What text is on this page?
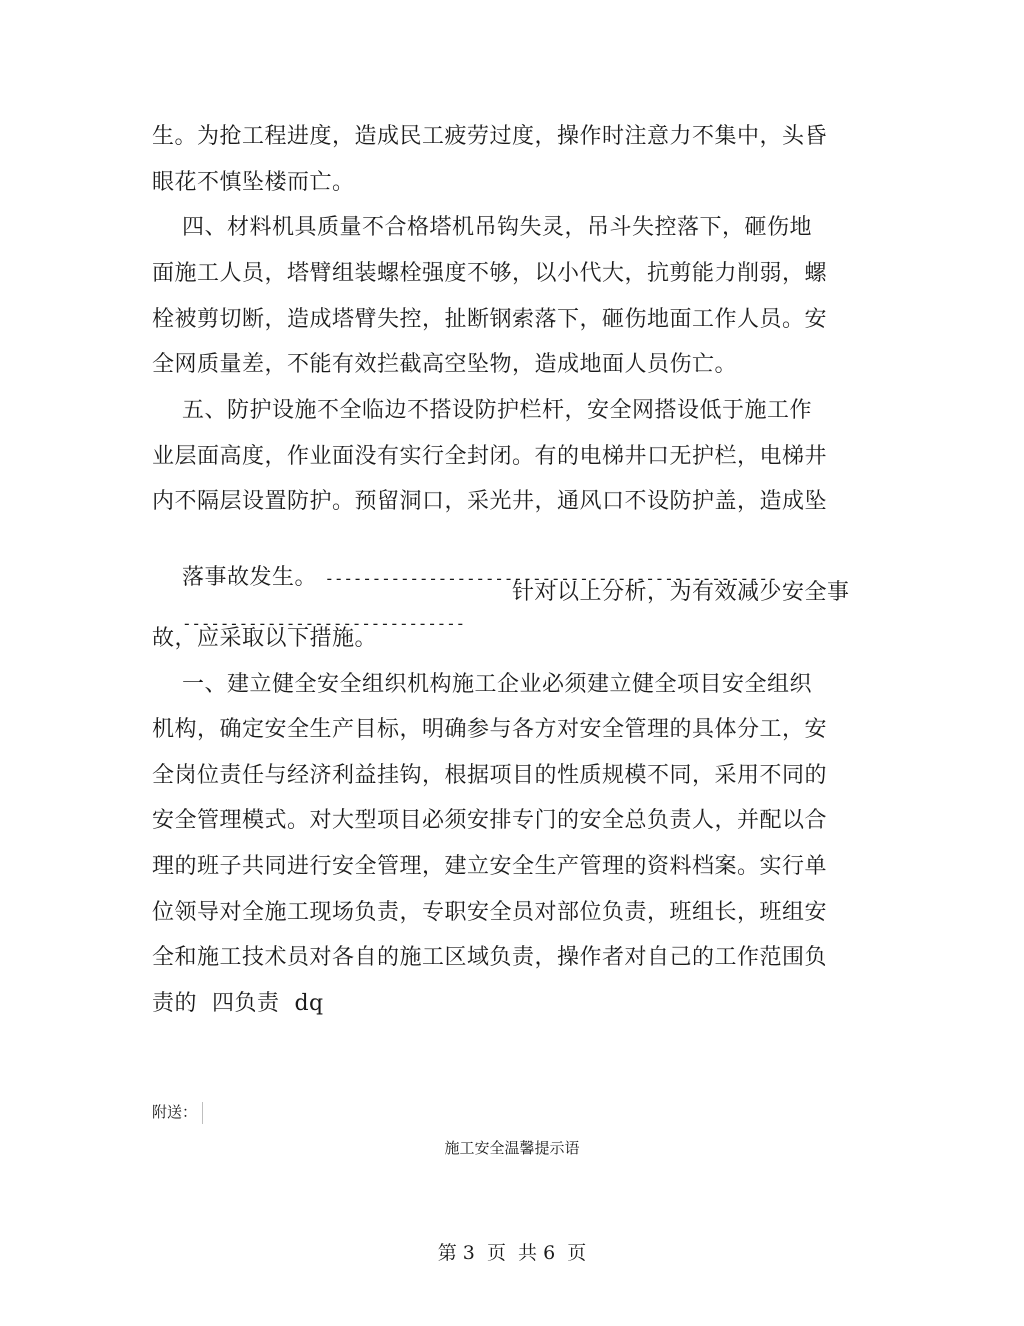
生。为抢工程进度，造成民工疲劳过度，操作时注意力不集中，头昏
眼花不慎坠楼而亡。
四、材料机具质量不合格塔机吊钩失灵，吊斗失控落下，砸伤地
面施工人员，塔臂组装螺栓强度不够，以小代大，抗剪能力削弱，螺
栓被剪切断，造成塔臂失控，扯断钢索落下，砸伤地面工作人员。安
全网质量差，不能有效拦截高空坠物，造成地面人员伤亡。
五、防护设施不全临边不搭设防护栏杆，安全网搭设低于施工作
业层面高度，作业面没有实行全封闭。有的电梯井口无护栏，电梯井
内不隔层设置防护。预留洞口，采光井，通风口不设防护盖，造成坠

落事故发生。 ------------------------------------------------

------------------------------

针对以上分析，为有效减少安全事
故，应采取以下措施。
一、建立健全安全组织机构施工企业必须建立健全项目安全组织
机构，确定安全生产目标，明确参与各方对安全管理的具体分工，安
全岗位责任与经济利益挂钩，根据项目的性质规模不同，采用不同的
安全管理模式。对大型项目必须安排专门的安全总负责人，并配以合
理的班子共同进行安全管理，建立安全生产管理的资料档案。实行单
位领导对全施工现场负责，专职安全员对部位负责，班组长，班组安
全和施工技术员对各自的施工区域负责，操作者对自己的工作范围负
责的  四负责  dq
附送：
施工安全温馨提示语
第 3  页  共 6  页
